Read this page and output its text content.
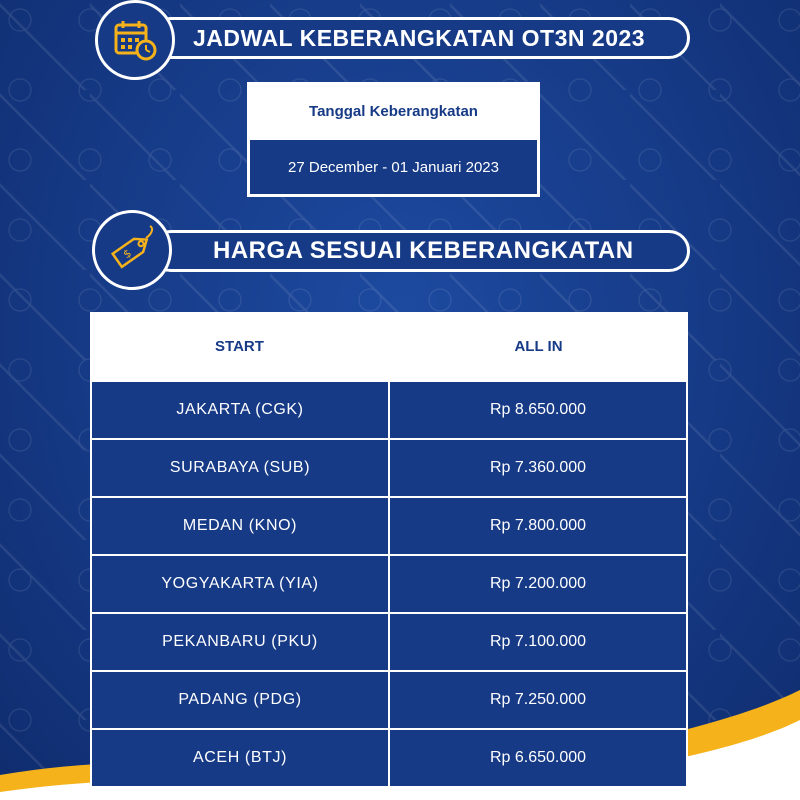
JADWAL KEBERANGKATAN OT3N 2023
Tanggal Keberangkatan
27 December - 01 Januari 2023
HARGA SESUAI KEBERANGKATAN
$
START	ALL IN
JAKARTA (CGK)	Rp 8.650.000
SURABAYA (SUB)	Rp 7.360.000
MEDAN (KNO)	Rp 7.800.000
YOGYAKARTA (YIA)	Rp 7.200.000
PEKANBARU (PKU)	Rp 7.100.000
PADANG (PDG)	Rp 7.250.000
ACEH (BTJ)	Rp 6.650.000
